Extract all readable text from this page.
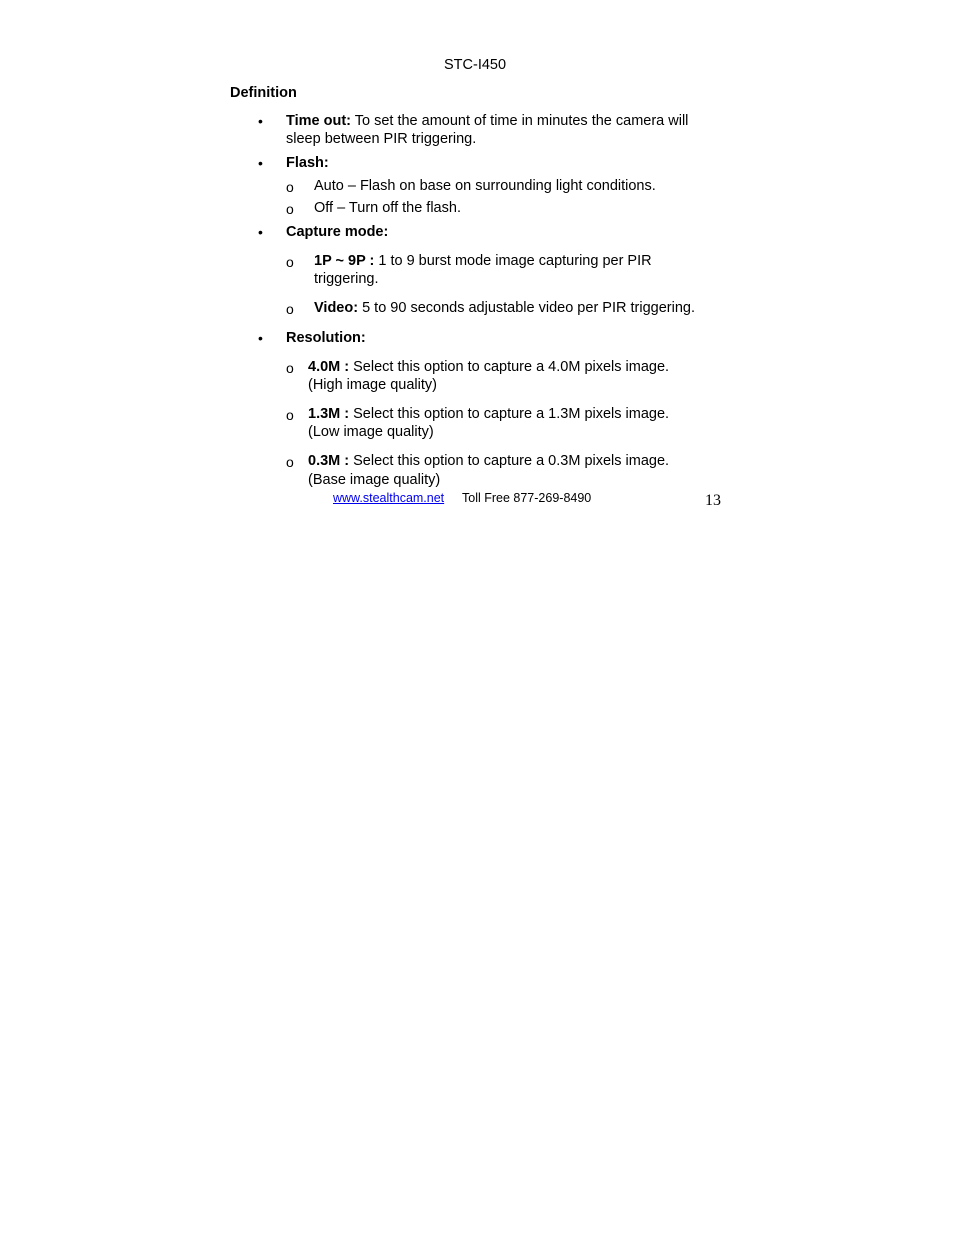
STC-I450
Definition
• Time out: To set the amount of time in minutes the camera will
sleep between PIR triggering.
• Flash:
o Auto – Flash on base on surrounding light conditions.
o Off – Turn off the flash.
• Capture mode:
o 1P ~ 9P : 1 to 9 burst mode image capturing per PIR
triggering.
o Video: 5 to 90 seconds adjustable video per PIR triggering.
• Resolution:
o 4.0M : Select this option to capture a 4.0M pixels image.
(High image quality)
o 1.3M : Select this option to capture a 1.3M pixels image.
(Low image quality)
o 0.3M : Select this option to capture a 0.3M pixels image.
(Base image quality)
www.stealthcam.net Toll Free 877-269-8490	13
